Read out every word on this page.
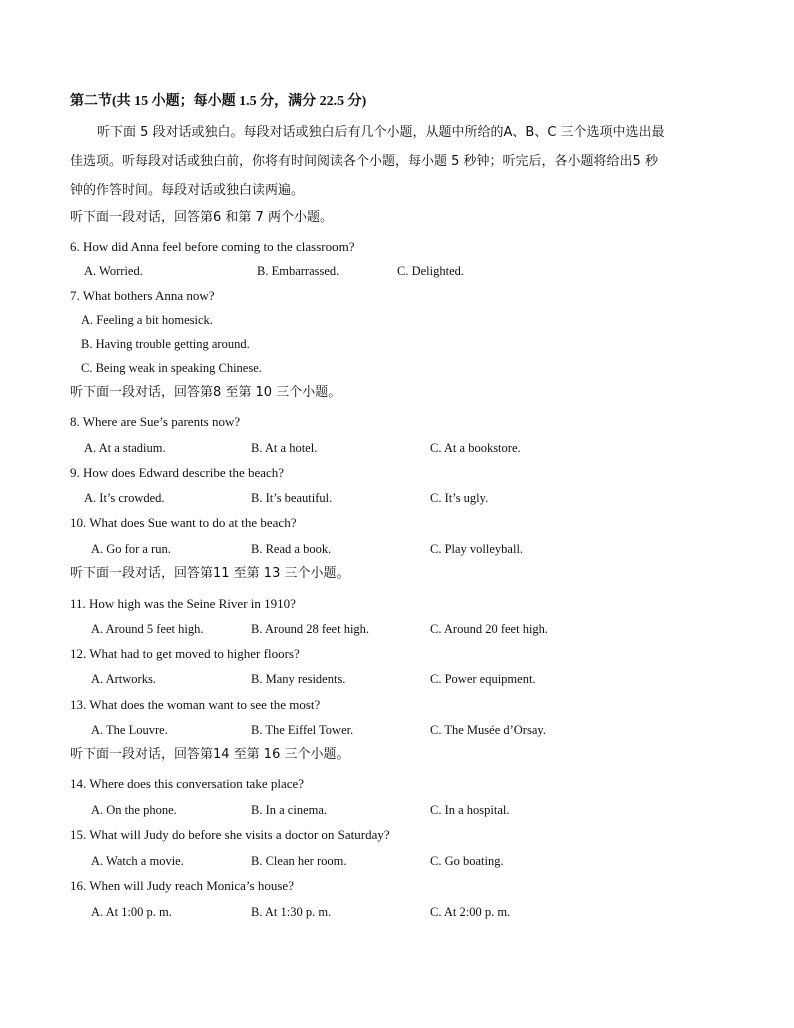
第二节(共 15 小题；每小题 1.5 分，满分 22.5 分)
听下面 5 段对话或独白。每段对话或独白后有几个小题，从题中所给的A、B、C 三个选项中选出最
佳选项。听每段对话或独白前，你将有时间阅读各个小题，每小题 5 秒钟；听完后，各小题将给出5 秒
钟的作答时间。每段对话或独白读两遍。
听下面一段对话，回答第6 和第 7 两个小题。
6. How did Anna feel before coming to the classroom?
A. Worried.	B. Embarrassed.	C. Delighted.
7. What bothers Anna now?
A. Feeling a bit homesick.
B. Having trouble getting around.
C. Being weak in speaking Chinese.
听下面一段对话，回答第8 至第 10 三个小题。
8. Where are Sue’s parents now?
A. At a stadium.	B. At a hotel.	C. At a bookstore.
9. How does Edward describe the beach?
A. It’s crowded.	B. It’s beautiful.	C. It’s ugly.
10. What does Sue want to do at the beach?
A. Go for a run.	B. Read a book.	C. Play volleyball.
听下面一段对话，回答第11 至第 13 三个小题。
11. How high was the Seine River in 1910?
A. Around 5 feet high.	B. Around 28 feet high.	C. Around 20 feet high.
12. What had to get moved to higher floors?
A. Artworks.	B. Many residents.	C. Power equipment.
13. What does the woman want to see the most?
A. The Louvre.	B. The Eiffel Tower.	C. The Musée d’Orsay.
听下面一段对话，回答第14 至第 16 三个小题。
14. Where does this conversation take place?
A. On the phone.	B. In a cinema.	C. In a hospital.
15. What will Judy do before she visits a doctor on Saturday?
A. Watch a movie.	B. Clean her room.	C. Go boating.
16. When will Judy reach Monica’s house?
A. At 1:00 p. m.	B. At 1:30 p. m.	C. At 2:00 p. m.
